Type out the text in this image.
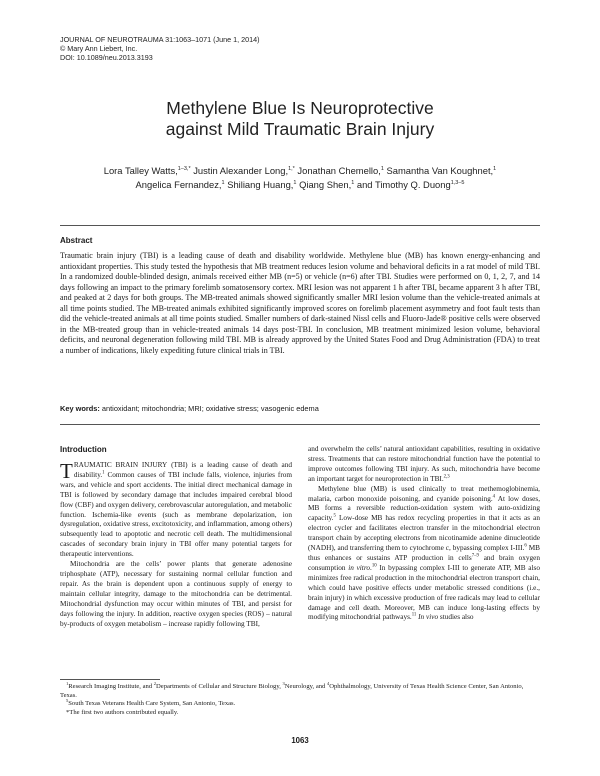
JOURNAL OF NEUROTRAUMA 31:1063–1071 (June 1, 2014)
© Mary Ann Liebert, Inc.
DOI: 10.1089/neu.2013.3193
Methylene Blue Is Neuroprotective
against Mild Traumatic Brain Injury
Lora Talley Watts,$^{1-3,*}$ Justin Alexander Long,$^{1,*}$ Jonathan Chemello,$^1$ Samantha Van Koughnet,$^1$
Angelica Fernandez,$^1$ Shiliang Huang,$^1$ Qiang Shen,$^1$ and Timothy Q. Duong$^{1,3-5}$
Abstract

Traumatic brain injury (TBI) is a leading cause of death and disability worldwide. Methylene blue (MB) has known energy-enhancing and antioxidant properties. This study tested the hypothesis that MB treatment reduces lesion volume and behavioral deficits in a rat model of mild TBI. In a randomized double-blinded design, animals received either MB (n=5) or vehicle (n=6) after TBI. Studies were performed on 0, 1, 2, 7, and 14 days following an impact to the primary forelimb somatosensory cortex. MRI lesion was not apparent 1 h after TBI, became apparent 3 h after TBI, and peaked at 2 days for both groups. The MB-treated animals showed significantly smaller MRI lesion volume than the vehicle-treated animals at all time points studied. The MB-treated animals exhibited significantly improved scores on forelimb placement asymmetry and foot fault tests than did the vehicle-treated animals at all time points studied. Smaller numbers of dark-stained Nissl cells and Fluoro-Jade® positive cells were observed in the MB-treated group than in vehicle-treated animals 14 days post-TBI. In conclusion, MB treatment minimized lesion volume, behavioral deficits, and neuronal degeneration following mild TBI. MB is already approved by the United States Food and Drug Administration (FDA) to treat a number of indications, likely expediting future clinical trials in TBI.

Key words: antioxidant; mitochondria; MRI; oxidative stress; vasogenic edema
Introduction

TRAUMATIC BRAIN INJURY (TBI) is a leading cause of death and disability.$^1$ Common causes of TBI include falls, violence, injuries from wars, and vehicle and sport accidents. The initial direct mechanical damage in TBI is followed by secondary damage that includes impaired cerebral blood flow (CBF) and oxygen delivery, cerebrovascular autoregulation, and metabolic function. Ischemia-like events (such as membrane depolarization, ion dysregulation, oxidative stress, excitotoxicity, and inflammation, among others) subsequently lead to apoptotic and necrotic cell death. The multidimensional cascades of secondary brain injury in TBI offer many potential targets for therapeutic interventions.

Mitochondria are the cells’ power plants that generate adenosine triphosphate (ATP), necessary for sustaining normal cellular function and repair. As the brain is dependent upon a continuous supply of energy to maintain cellular integrity, damage to the mitochondria can be detrimental. Mitochondrial dysfunction may occur within minutes of TBI, and persist for days following the injury. In addition, reactive oxygen species (ROS) – natural by-products of oxygen metabolism – increase rapidly following TBI,

and overwhelm the cells’ natural antioxidant capabilities, resulting in oxidative stress. Treatments that can restore mitochondrial function have the potential to improve outcomes following TBI injury. As such, mitochondria have become an important target for neuroprotection in TBI.$^{2,3}$

Methylene blue (MB) is used clinically to treat methemoglobinemia, malaria, carbon monoxide poisoning, and cyanide poisoning.$^4$ At low doses, MB forms a reversible reduction-oxidation system with auto-oxidizing capacity.$^5$ Low-dose MB has redox recycling properties in that it acts as an electron cycler and facilitates electron transfer in the mitochondrial electron transport chain by accepting electrons from nicotinamide adenine dinucleotide (NADH), and transferring them to cytochrome c, bypassing complex I-III.$^6$ MB thus enhances or sustains ATP production in cells$^{7-9}$ and brain oxygen consumption in vitro.$^{10}$ In bypassing complex I-III to generate ATP, MB also minimizes free radical production in the mitochondrial electron transport chain, which could have positive effects under metabolic stressed conditions (i.e., brain injury) in which excessive production of free radicals may lead to cellular damage and cell death. Moreover, MB can induce long-lasting effects by modifying mitochondrial pathways.$^{11}$ In vivo studies also

$^1$Research Imaging Institute, and $^2$Departments of Cellular and Structure Biology, $^3$Neurology, and $^4$Ophthalmology, University of Texas Health Science Center, San Antonio, Texas.

$^5$South Texas Veterans Health Care System, San Antonio, Texas.

*The first two authors contributed equally.

1063
